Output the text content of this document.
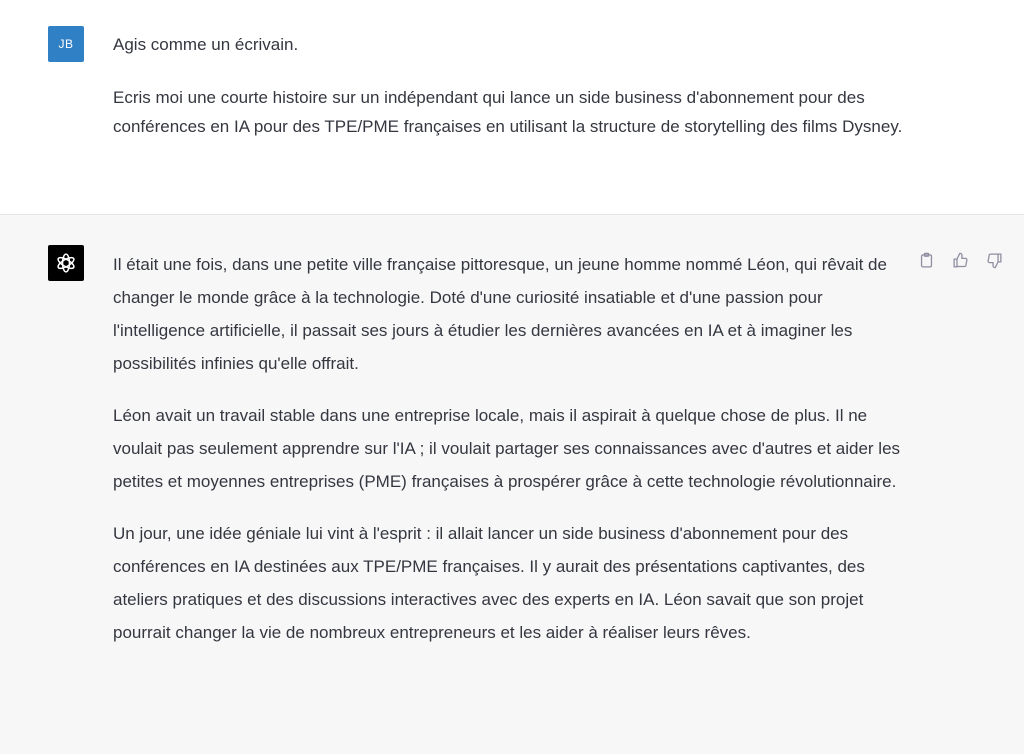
JB Agis comme un écrivain.

Ecris moi une courte histoire sur un indépendant qui lance un side business d'abonnement pour des conférences en IA pour des TPE/PME françaises en utilisant la structure de storytelling des films Dysney.

Il était une fois, dans une petite ville française pittoresque, un jeune homme nommé Léon, qui rêvait de changer le monde grâce à la technologie. Doté d'une curiosité insatiable et d'une passion pour l'intelligence artificielle, il passait ses jours à étudier les dernières avancées en IA et à imaginer les possibilités infinies qu'elle offrait.

Léon avait un travail stable dans une entreprise locale, mais il aspirait à quelque chose de plus. Il ne voulait pas seulement apprendre sur l'IA ; il voulait partager ses connaissances avec d'autres et aider les petites et moyennes entreprises (PME) françaises à prospérer grâce à cette technologie révolutionnaire.

Un jour, une idée géniale lui vint à l'esprit : il allait lancer un side business d'abonnement pour des conférences en IA destinées aux TPE/PME françaises. Il y aurait des présentations captivantes, des ateliers pratiques et des discussions interactives avec des experts en IA. Léon savait que son projet pourrait changer la vie de nombreux entrepreneurs et les aider à réaliser leurs rêves.
